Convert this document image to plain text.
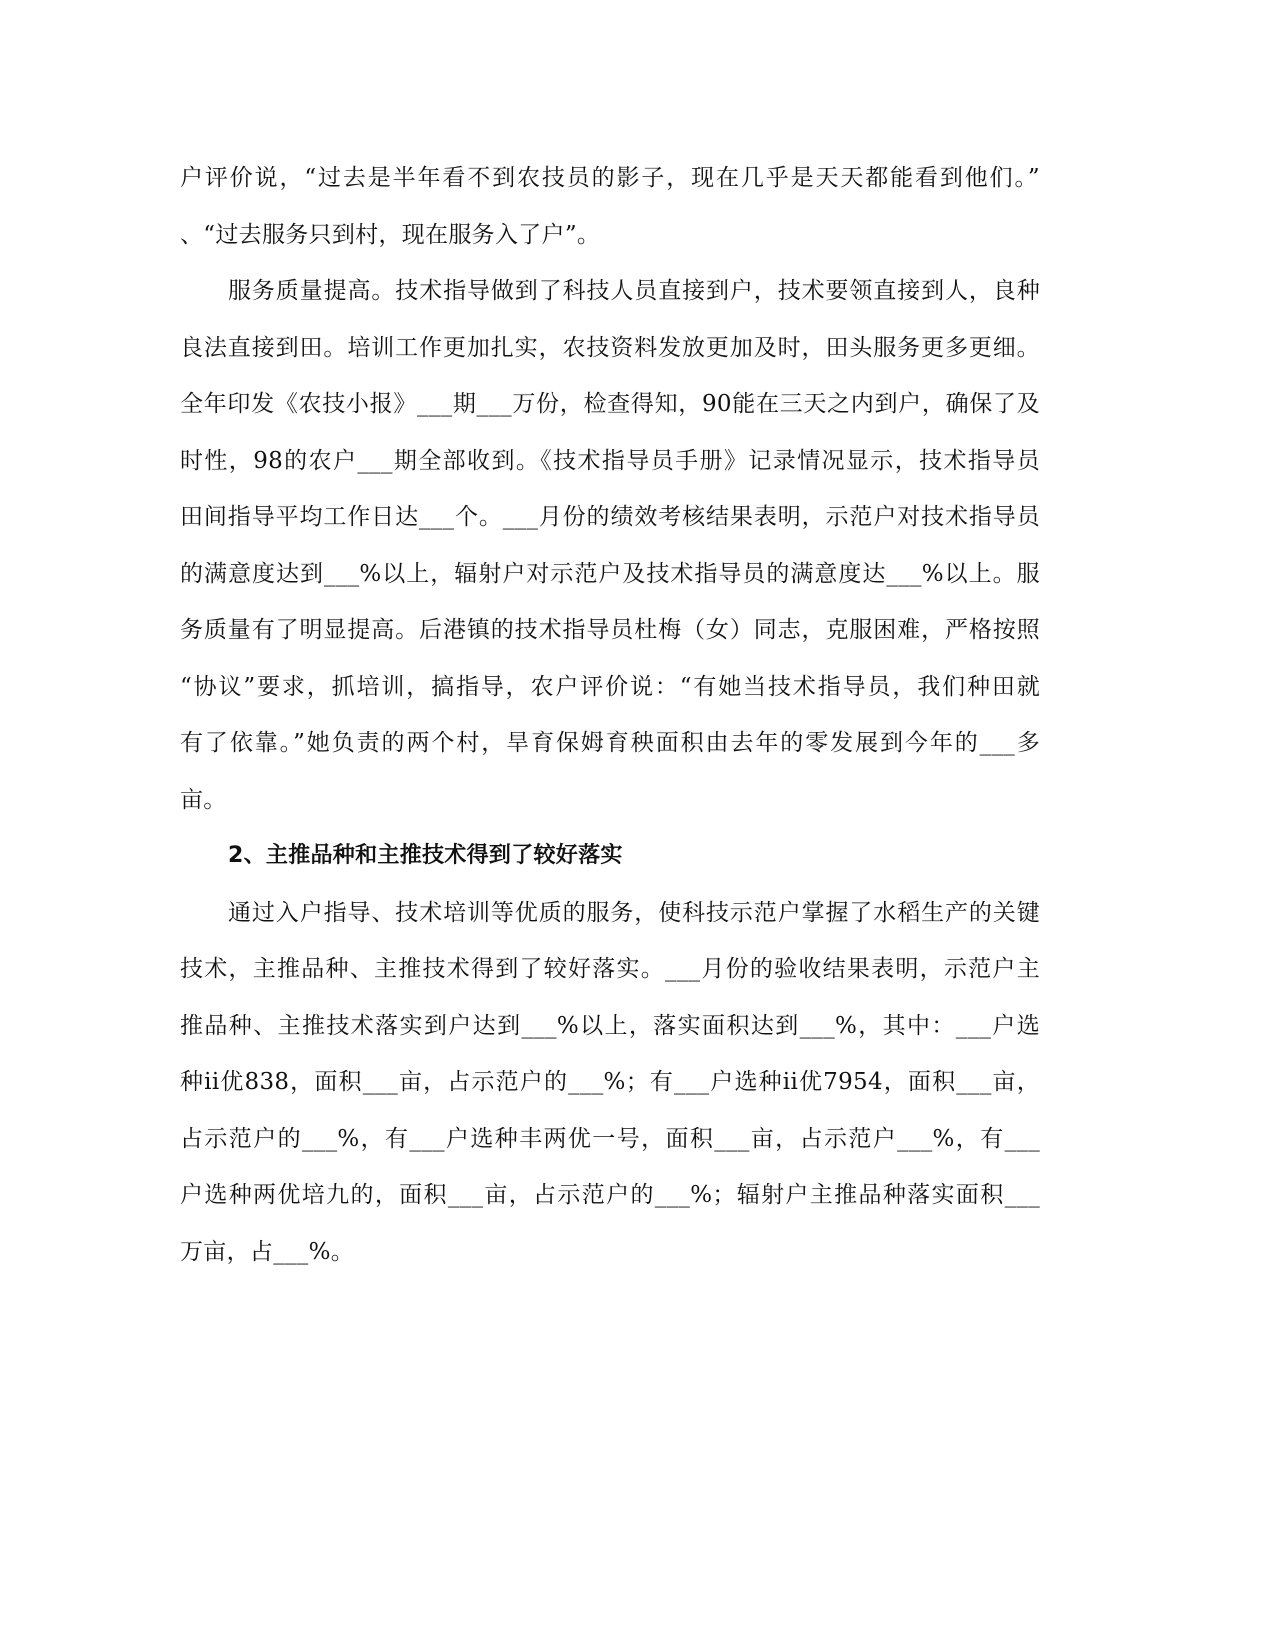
户评价说，“过去是半年看不到农技员的影子，现在几乎是天天都能看到他们。”
、“过去服务只到村，现在服务入了户”。
服务质量提高。技术指导做到了科技人员直接到户，技术要领直接到人，良种
良法直接到田。培训工作更加扎实，农技资料发放更加及时，田头服务更多更细。
全年印发《农技小报》___期___万份，检查得知，90能在三天之内到户，确保了及
时性，98的农户___期全部收到。《技术指导员手册》记录情况显示，技术指导员
田间指导平均工作日达___个。___月份的绩效考核结果表明，示范户对技术指导员
的满意度达到___%以上，辐射户对示范户及技术指导员的满意度达___%以上。服
务质量有了明显提高。后港镇的技术指导员杜梅（女）同志，克服困难，严格按照
“协议”要求，抓培训，搞指导，农户评价说：“有她当技术指导员，我们种田就
有了依靠。”她负责的两个村，旱育保姆育秧面积由去年的零发展到今年的___多
亩。
2、主推品种和主推技术得到了较好落实
通过入户指导、技术培训等优质的服务，使科技示范户掌握了水稻生产的关键
技术，主推品种、主推技术得到了较好落实。___月份的验收结果表明，示范户主
推品种、主推技术落实到户达到___%以上，落实面积达到___%，其中：___户选
种ii优838，面积___亩，占示范户的___%；有___户选种ii优7954，面积___亩，
占示范户的___%，有___户选种丰两优一号，面积___亩，占示范户___%，有___
户选种两优培九的，面积___亩，占示范户的___%；辐射户主推品种落实面积___
万亩，占___%。
